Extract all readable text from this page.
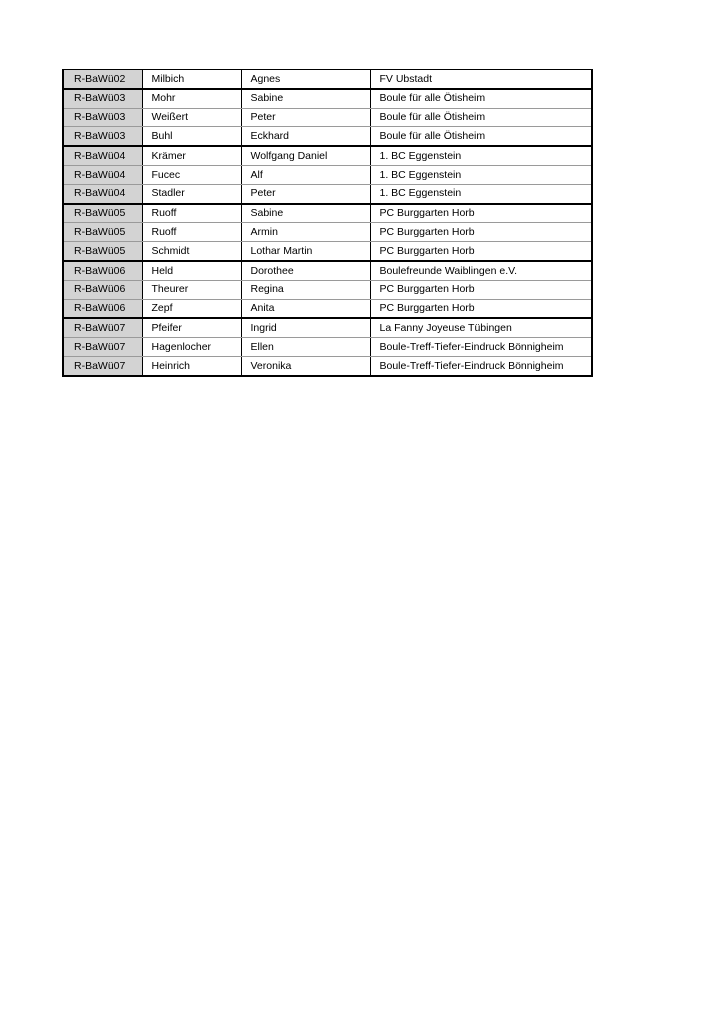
R-BaWü02	Milbich	Agnes	FV Ubstadt
R-BaWü03	Mohr	Sabine	Boule für alle Ötisheim
R-BaWü03	Weißert	Peter	Boule für alle Ötisheim
R-BaWü03	Buhl	Eckhard	Boule für alle Ötisheim
R-BaWü04	Krämer	Wolfgang Daniel	1. BC Eggenstein
R-BaWü04	Fucec	Alf	1. BC Eggenstein
R-BaWü04	Stadler	Peter	1. BC Eggenstein
R-BaWü05	Ruoff	Sabine	PC Burggarten Horb
R-BaWü05	Ruoff	Armin	PC Burggarten Horb
R-BaWü05	Schmidt	Lothar Martin	PC Burggarten Horb
R-BaWü06	Held	Dorothee	Boulefreunde Waiblingen e.V.
R-BaWü06	Theurer	Regina	PC Burggarten Horb
R-BaWü06	Zepf	Anita	PC Burggarten Horb
R-BaWü07	Pfeifer	Ingrid	La Fanny Joyeuse Tübingen
R-BaWü07	Hagenlocher	Ellen	Boule-Treff-Tiefer-Eindruck Bönnigheim
R-BaWü07	Heinrich	Veronika	Boule-Treff-Tiefer-Eindruck Bönnigheim
